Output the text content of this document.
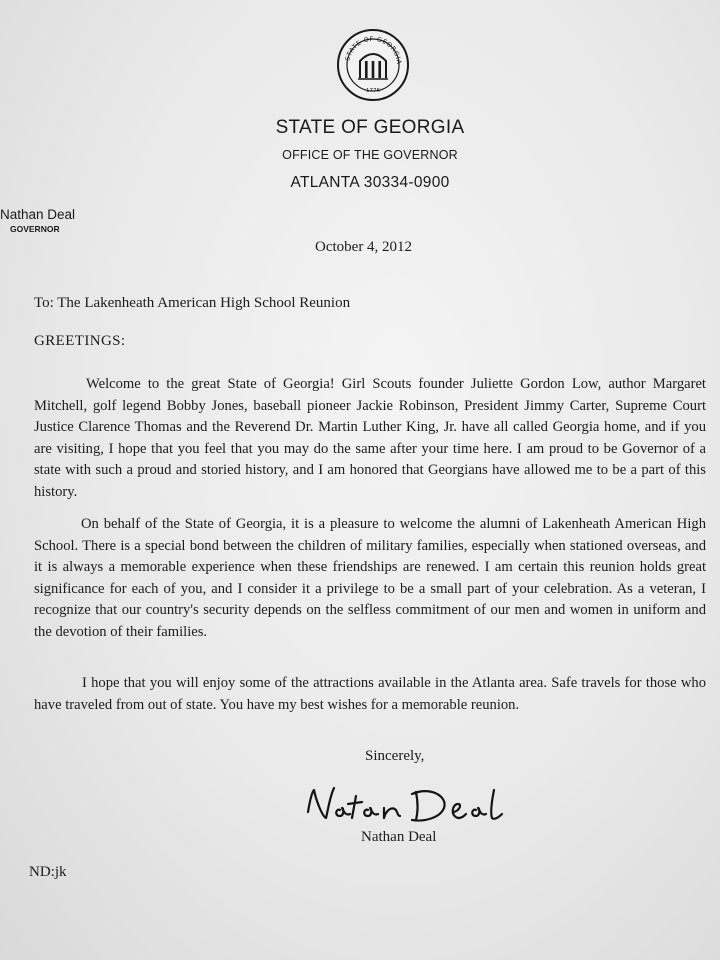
STATE OF GEORGIA
1776
STATE OF GEORGIA
OFFICE OF THE GOVERNOR
ATLANTA 30334-0900
Nathan Deal
GOVERNOR
October 4, 2012
To: The Lakenheath American High School Reunion
GREETINGS:

Welcome to the great State of Georgia! Girl Scouts founder Juliette Gordon Low, author Margaret Mitchell, golf legend Bobby Jones, baseball pioneer Jackie Robinson, President Jimmy Carter, Supreme Court Justice Clarence Thomas and the Reverend Dr. Martin Luther King, Jr. have all called Georgia home, and if you are visiting, I hope that you feel that you may do the same after your time here. I am proud to be Governor of a state with such a proud and storied history, and I am honored that Georgians have allowed me to be a part of this history.

On behalf of the State of Georgia, it is a pleasure to welcome the alumni of Lakenheath American High School. There is a special bond between the children of military families, especially when stationed overseas, and it is always a memorable experience when these friendships are renewed. I am certain this reunion holds great significance for each of you, and I consider it a privilege to be a small part of your celebration. As a veteran, I recognize that our country's security depends on the selfless commitment of our men and women in uniform and the devotion of their families.

I hope that you will enjoy some of the attractions available in the Atlanta area. Safe travels for those who have traveled from out of state. You have my best wishes for a memorable reunion.

Sincerely,
Nathan Deal
ND:jk
